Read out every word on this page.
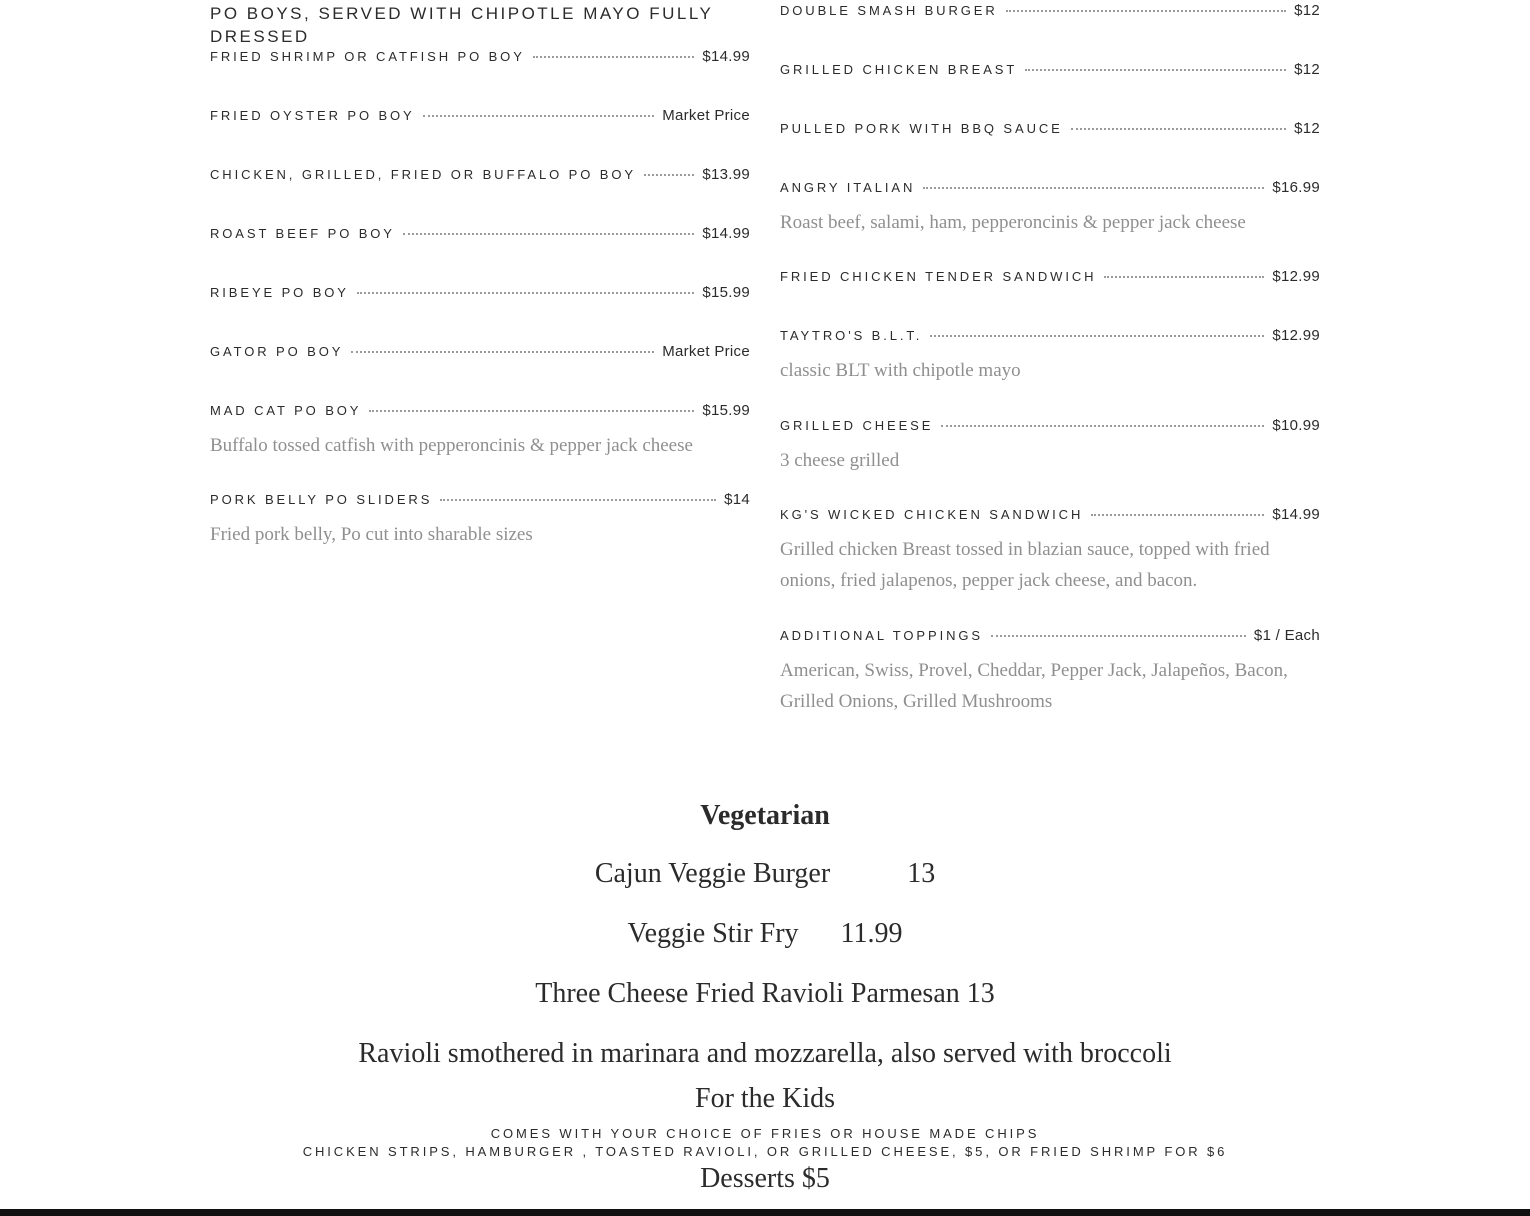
PO BOYS, SERVED WITH CHIPOTLE MAYO FULLY DRESSED
FRIED SHRIMP OR CATFISH PO BOY	$14.99
FRIED OYSTER PO BOY	Market Price
CHICKEN, GRILLED, FRIED OR BUFFALO PO BOY	$13.99
ROAST BEEF PO BOY	$14.99
RIBEYE PO BOY	$15.99
GATOR PO BOY	Market Price
MAD CAT PO BOY	$15.99
Buffalo tossed catfish with pepperoncinis & pepper jack cheese
PORK BELLY PO SLIDERS	$14
Fried pork belly, Po cut into sharable sizes
DOUBLE SMASH BURGER	$12
GRILLED CHICKEN BREAST	$12
PULLED PORK WITH BBQ SAUCE	$12
ANGRY ITALIAN	$16.99
Roast beef, salami, ham, pepperoncinis & pepper jack cheese
FRIED CHICKEN TENDER SANDWICH	$12.99
TAYTRO'S B.L.T.	$12.99
classic BLT with chipotle mayo
GRILLED CHEESE	$10.99
3 cheese grilled
KG'S WICKED CHICKEN SANDWICH	$14.99
Grilled chicken Breast tossed in blazian sauce, topped with fried onions, fried jalapenos, pepper jack cheese, and bacon.
ADDITIONAL TOPPINGS	$1 / Each
American, Swiss, Provel, Cheddar, Pepper Jack, Jalapeños, Bacon, Grilled Onions, Grilled Mushrooms
Vegetarian
Cajun Veggie Burger           13
Veggie Stir Fry      11.99
Three Cheese Fried Ravioli Parmesan 13
Ravioli smothered in marinara and mozzarella, also served with broccoli
For the Kids
COMES WITH YOUR CHOICE OF FRIES OR HOUSE MADE CHIPS
CHICKEN STRIPS, HAMBURGER , TOASTED RAVIOLI, OR GRILLED CHEESE, $5, OR FRIED SHRIMP FOR $6
Desserts $5
